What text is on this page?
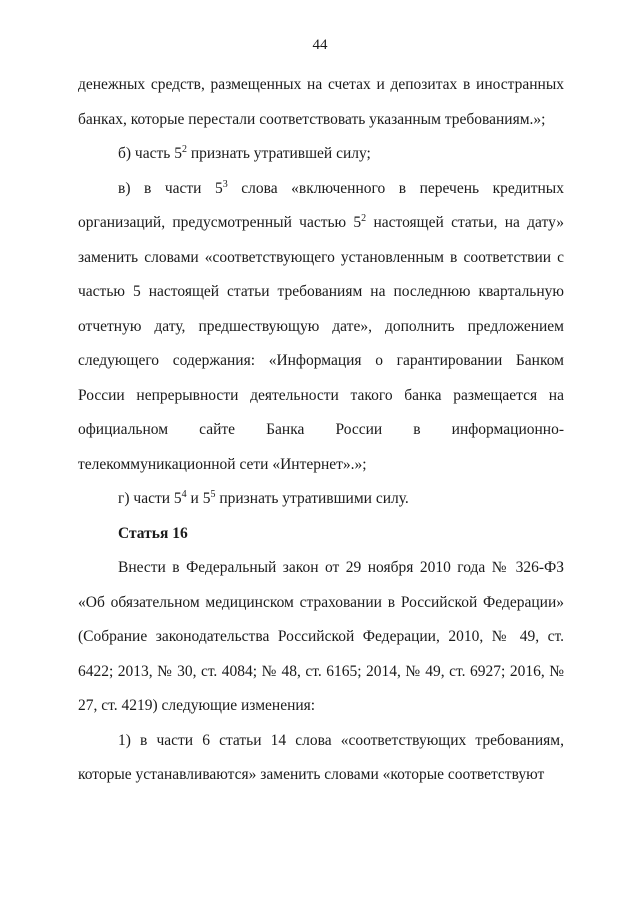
44

денежных средств, размещенных на счетах и депозитах в иностранных

банках, которые перестали соответствовать указанным требованиям.»;

б) часть $5^2$ признать утратившей силу;

в) в части $5^3$ слова «включенного в перечень кредитных организаций, предусмотренный частью $5^2$ настоящей статьи, на дату» заменить словами «соответствующего установленным в соответствии с частью 5 настоящей статьи требованиям на последнюю квартальную отчетную дату, предшествующую дате», дополнить предложением следующего содержания: «Информация о гарантировании Банком России непрерывности деятельности такого банка размещается на официальном сайте Банка России в информационно-телекоммуникационной сети «Интернет».»;

г) части $5^4$ и $5^5$ признать утратившими силу.

Статья 16

Внести в Федеральный закон от 29 ноября 2010 года № 326-ФЗ «Об обязательном медицинском страховании в Российской Федерации» (Собрание законодательства Российской Федерации, 2010, № 49, ст. 6422; 2013, № 30, ст. 4084; № 48, ст. 6165; 2014, № 49, ст. 6927; 2016, № 27, ст. 4219) следующие изменения:

1) в части 6 статьи 14 слова «соответствующих требованиям, которые устанавливаются» заменить словами «которые соответствуют
